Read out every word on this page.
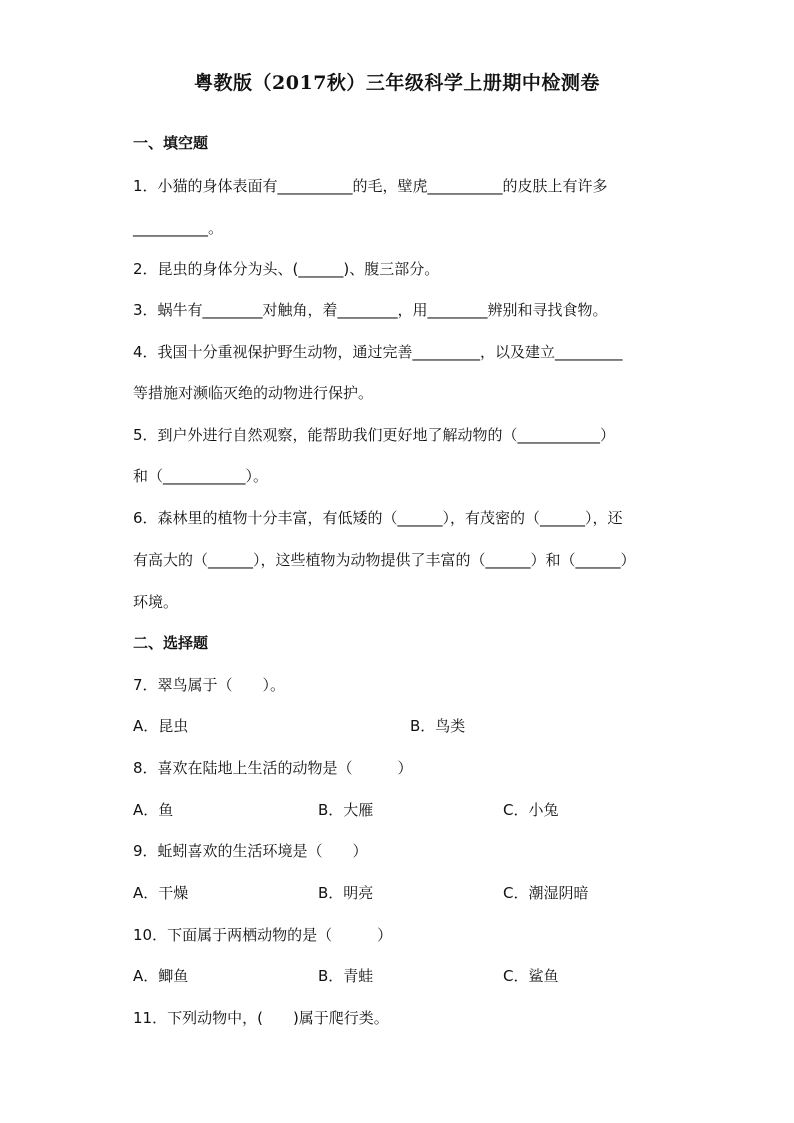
粤教版（2017秋）三年级科学上册期中检测卷
一、填空题
1．小猫的身体表面有__________的毛，壁虎__________的皮肤上有许多
__________。
2．昆虫的身体分为头、(______)、腹三部分。
3．蜗牛有________对触角，着________，用________辨别和寻找食物。
4．我国十分重视保护野生动物，通过完善_________，以及建立_________
等措施对濒临灭绝的动物进行保护。
5．到户外进行自然观察，能帮助我们更好地了解动物的（___________）
和（___________）。
6．森林里的植物十分丰富，有低矮的（______），有茂密的（______），还
有高大的（______），这些植物为动物提供了丰富的（______）和（______）
环境。
二、选择题
7．翠鸟属于（　　）。
A．昆虫	B．鸟类
8．喜欢在陆地上生活的动物是（　　　）
A．鱼	B．大雁	C．小兔
9．蚯蚓喜欢的生活环境是（　　）
A．干燥	B．明亮	C．潮湿阴暗
10．下面属于两栖动物的是（　　　）
A．鲫鱼	B．青蛙	C．鲨鱼
11．下列动物中，(　　)属于爬行类。
